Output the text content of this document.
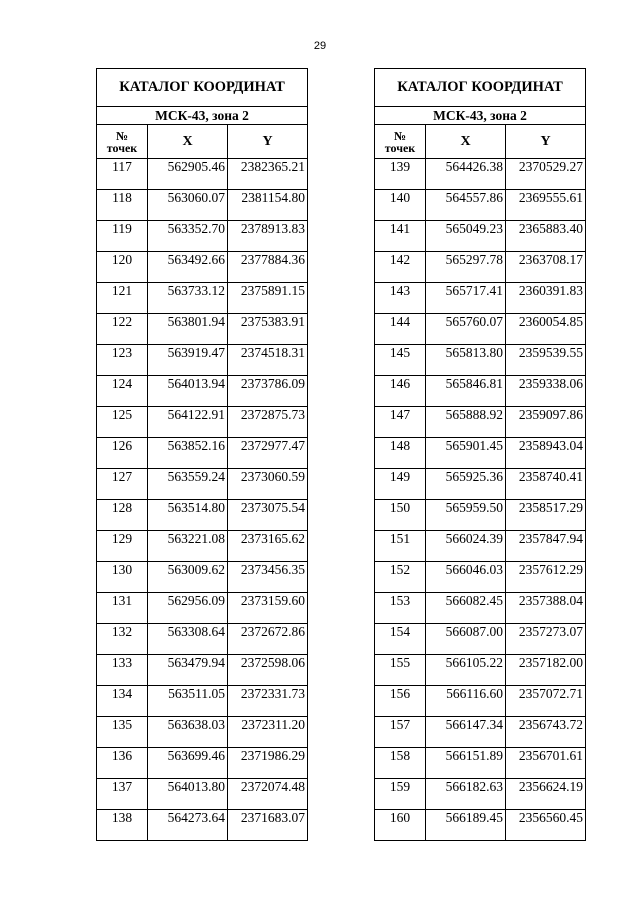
29
КАТАЛОГ КООРДИНАТ		
МСК-43, зона 2		

№
точек	X	Y
117	562905.46	2382365.21
118	563060.07	2381154.80
119	563352.70	2378913.83
120	563492.66	2377884.36
121	563733.12	2375891.15
122	563801.94	2375383.91
123	563919.47	2374518.31
124	564013.94	2373786.09
125	564122.91	2372875.73
126	563852.16	2372977.47
127	563559.24	2373060.59
128	563514.80	2373075.54
129	563221.08	2373165.62
130	563009.62	2373456.35
131	562956.09	2373159.60
132	563308.64	2372672.86
133	563479.94	2372598.06
134	563511.05	2372331.73
135	563638.03	2372311.20
136	563699.46	2371986.29
137	564013.80	2372074.48
138	564273.64	2371683.07
КАТАЛОГ КООРДИНАТ		
МСК-43, зона 2		

№
точек	X	Y
139	564426.38	2370529.27
140	564557.86	2369555.61
141	565049.23	2365883.40
142	565297.78	2363708.17
143	565717.41	2360391.83
144	565760.07	2360054.85
145	565813.80	2359539.55
146	565846.81	2359338.06
147	565888.92	2359097.86
148	565901.45	2358943.04
149	565925.36	2358740.41
150	565959.50	2358517.29
151	566024.39	2357847.94
152	566046.03	2357612.29
153	566082.45	2357388.04
154	566087.00	2357273.07
155	566105.22	2357182.00
156	566116.60	2357072.71
157	566147.34	2356743.72
158	566151.89	2356701.61
159	566182.63	2356624.19
160	566189.45	2356560.45
